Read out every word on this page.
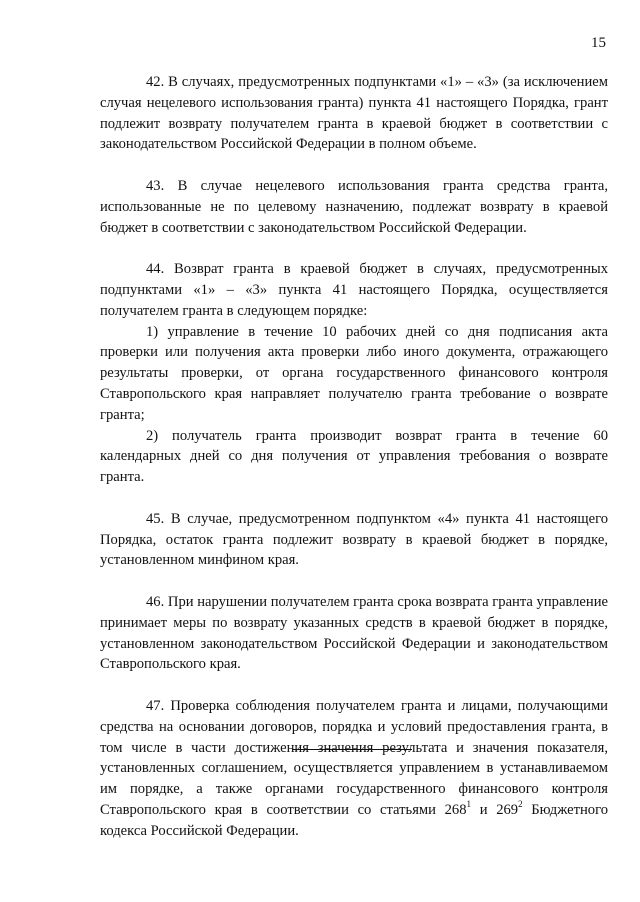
15

42. В случаях, предусмотренных подпунктами «1» – «3» (за исключением случая нецелевого использования гранта) пункта 41 настоящего Порядка, грант подлежит возврату получателем гранта в краевой бюджет в соответствии с законодательством Российской Федерации в полном объеме.

43. В случае нецелевого использования гранта средства гранта, использованные не по целевому назначению, подлежат возврату в краевой бюджет в соответствии с законодательством Российской Федерации.

44. Возврат гранта в краевой бюджет в случаях, предусмотренных подпунктами «1» – «3» пункта 41 настоящего Порядка, осуществляется получателем гранта в следующем порядке:

1) управление в течение 10 рабочих дней со дня подписания акта проверки или получения акта проверки либо иного документа, отражающего результаты проверки, от органа государственного финансового контроля Ставропольского края направляет получателю гранта требование о возврате гранта;

2) получатель гранта производит возврат гранта в течение 60 календарных дней со дня получения от управления требования о возврате гранта.

45. В случае, предусмотренном подпунктом «4» пункта 41 настоящего Порядка, остаток гранта подлежит возврату в краевой бюджет в порядке, установленном минфином края.

46. При нарушении получателем гранта срока возврата гранта управление принимает меры по возврату указанных средств в краевой бюджет в порядке, установленном законодательством Российской Федерации и законодательством Ставропольского края.

47. Проверка соблюдения получателем гранта и лицами, получающими средства на основании договоров, порядка и условий предоставления гранта, в том числе в части достижения значения результата и значения показателя, установленных соглашением, осуществляется управлением в устанавливаемом им порядке, а также органами государственного финансового контроля Ставропольского края в соответствии со статьями $268^1$ и $269^2$ Бюджетного кодекса Российской Федерации.
